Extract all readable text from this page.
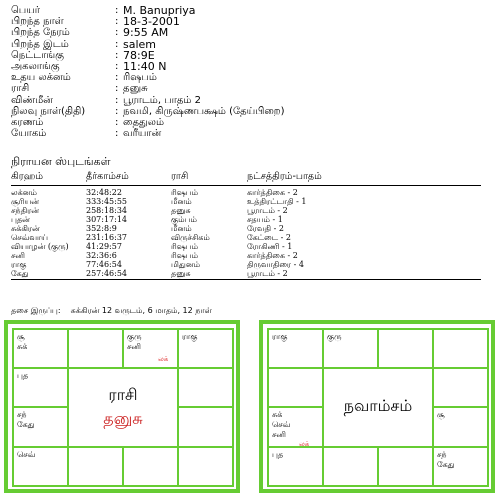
பெயர்	: M. Banupriya
பிறந்த நாள்	: 18-3-2001
பிறந்த நேரம்	: 9:55 AM
பிறந்த இடம்	: salem
நெட்டாங்கு	: 78:9E
அகலாங்கு	: 11:40 N
உதய லக்னம்	: ரிஷபம்
ராசி	: தனுசு
விண்மீன்	: பூராடம், பாதம் 2
நிலவு நாள்(திதி)	: நவமி, கிருஷ்ணபக்ஷம் (தேய்பிறை)
கரணம்	: தைதுலம்
யோகம்	: வரீயான்
நிராயன ஸ்புடங்கள்
கிரஹம்	தீர்காம்சம்	ராசி	நட்சத்திரம்-பாதம்
லக்னம்	32:48:22	ரிஷபம்	கார்த்திகை - 2
சூரியன்	333:45:55	மீனம்	உத்திரட்டாதி - 1
சந்திரன்	258:18:34	தனுசு	பூராடம் - 2
புதன்	307:17:14	கும்பம்	சதயம் - 1
சுக்கிரன்	352:8:9	மீனம்	ரேவதி - 2
செவ்வாய்	231:16:37	விருச்சிகம்	கேட்டை - 2
வியாழன் (குரு)	41:29:57	ரிஷபம்	ரோகிணி - 1
சனி	32:36:6	ரிஷபம்	கார்த்திகை - 2
ராகு	77:46:54	மிதுனம்	திருவாதிரை - 4
கேது	257:46:54	தனுசு	பூராடம் - 2
தசை இருப்பு: சுக்கிரன் 12 வருடம், 6 மாதம், 12 நாள்
ராசி
தனுசு
சூ
சுக்
குரு
சனி
லக்
ராகு
புத
சந்
கேது
செவ்
நவாம்சம்
ராகு	குரு
சுக்
செவ்
சனி
லக்
சூ
புத	சந்
கேது
